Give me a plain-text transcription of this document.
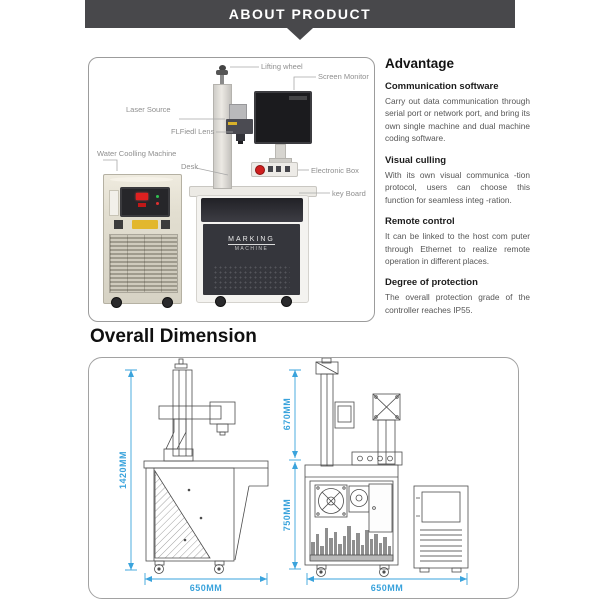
ABOUT PRODUCT
MARKING
MACHINE
Lifting wheel
Screen Monitor
Laser Source
FLFiedl Lens
Water Coolling Machine
Desk	Electronic Box
key Board
Advantage
Communication software
Carry out data communication through serial port or network port, and bring its own single machine and dual machine coding software.
Visual culling
With its own visual communica -tion protocol, users can choose this function for seamless integ -ration.
Remote control
It can be linked to the host com puter through Ethernet to realize remote operation in different places.
Degree of protection
The overall protection grade of the controller reaches IP55.
Overall Dimension
1420MM
650MM
670MM
750MM
650MM
